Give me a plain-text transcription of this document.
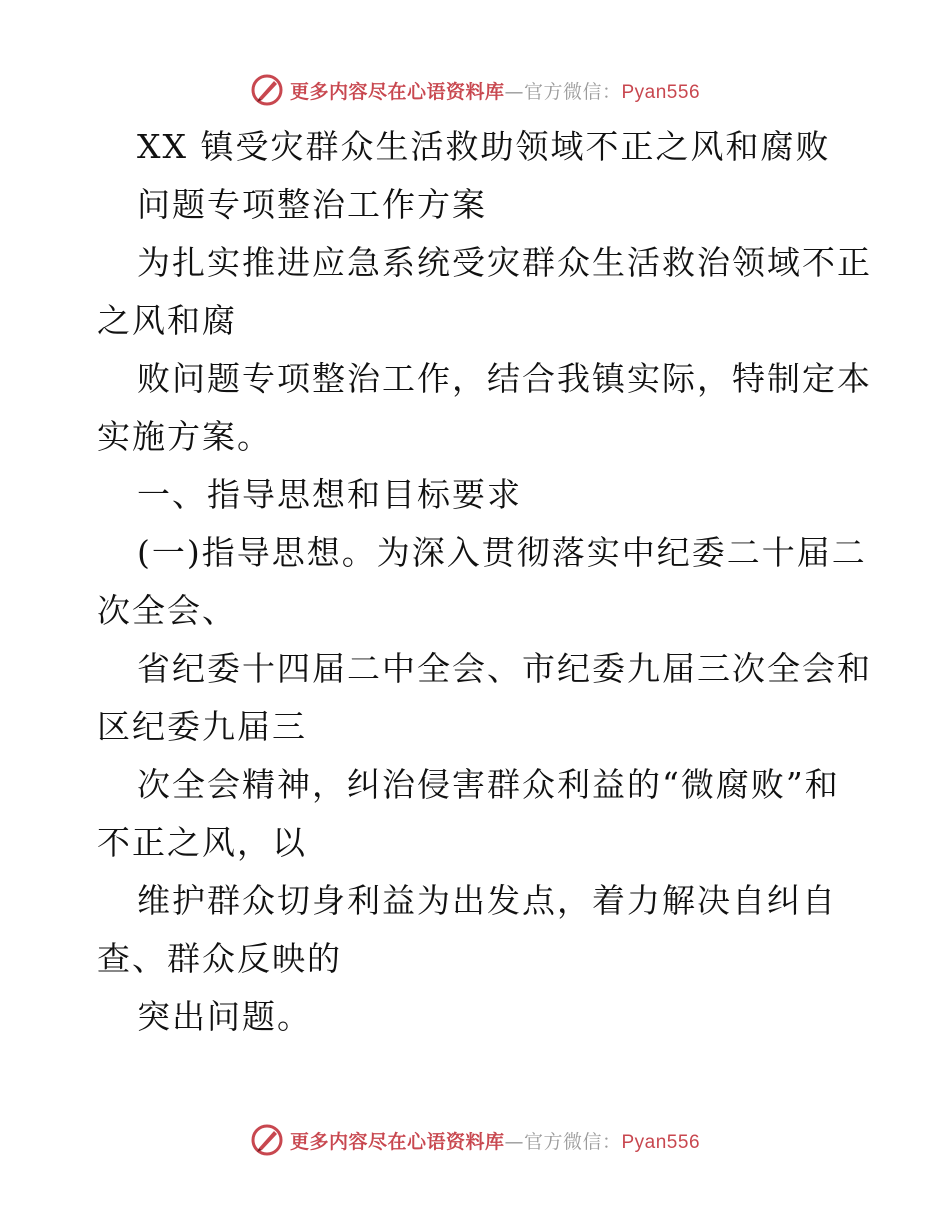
更多内容尽在心语资料库—官方微信：Pyan556
XX 镇受灾群众生活救助领域不正之风和腐败
问题专项整治工作方案
为扎实推进应急系统受灾群众生活救治领域不正
之风和腐
败问题专项整治工作，结合我镇实际，特制定本
实施方案。
一、指导思想和目标要求
(一)指导思想。为深入贯彻落实中纪委二十届二
次全会、
省纪委十四届二中全会、市纪委九届三次全会和
区纪委九届三
次全会精神，纠治侵害群众利益的“微腐败”和
不正之风，以
维护群众切身利益为出发点，着力解决自纠自
查、群众反映的
突出问题。
更多内容尽在心语资料库—官方微信：Pyan556
